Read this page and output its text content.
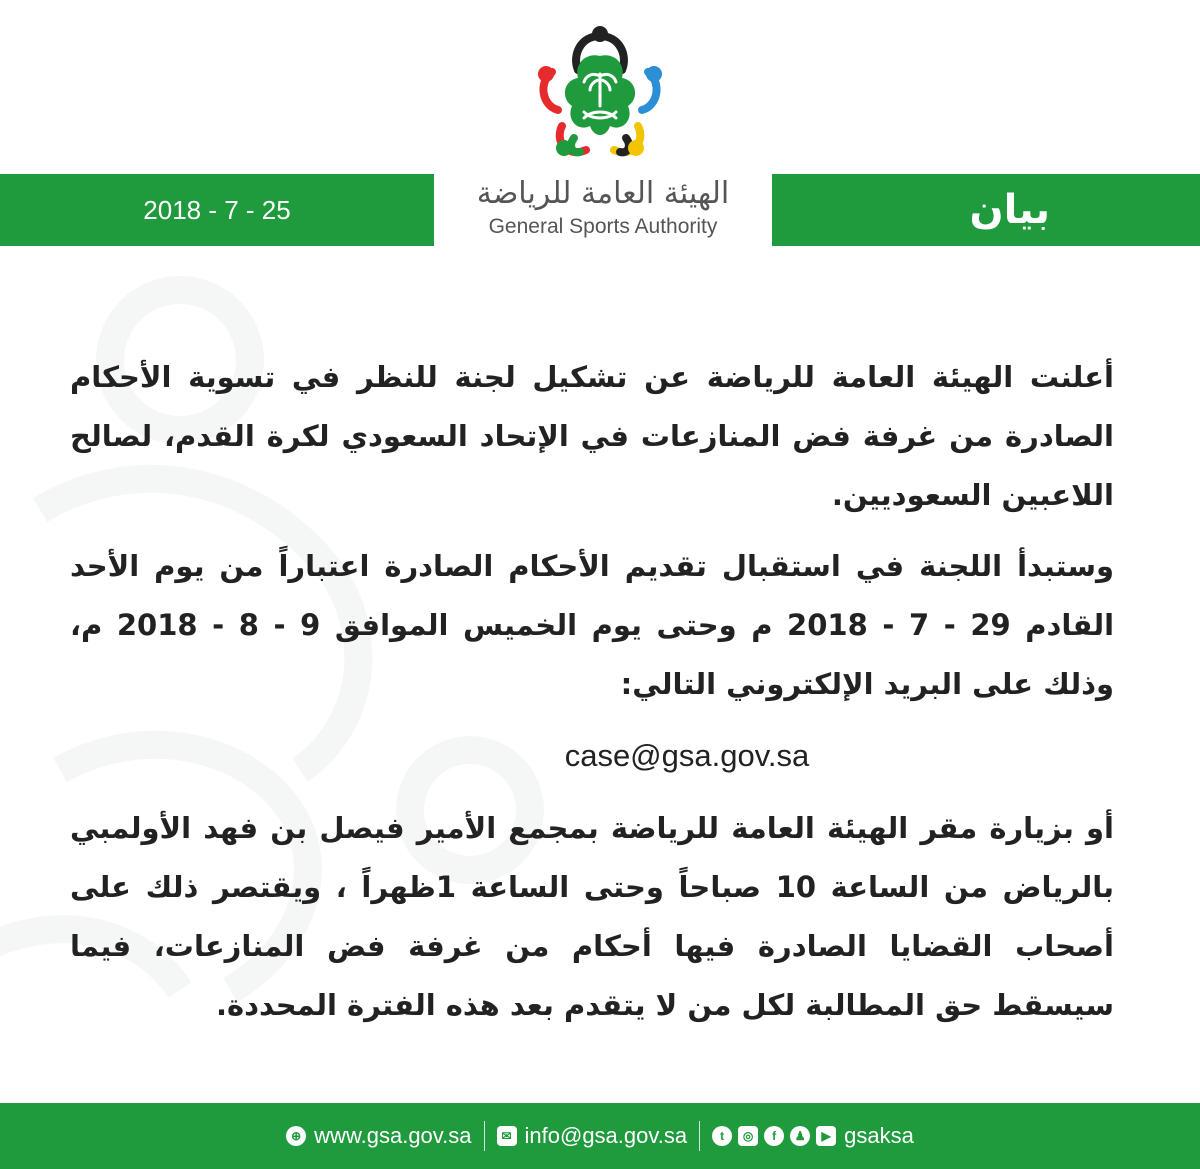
2018 - 7 - 25	الهيئة العامة للرياضة
General Sports Authority	بيان

أعلنت الهيئة العامة للرياضة عن تشكيل لجنة للنظر في تسوية الأحكام الصادرة من غرفة فض المنازعات في الإتحاد السعودي لكرة القدم، لصالح اللاعبين السعوديين.

وستبدأ اللجنة في استقبال تقديم الأحكام الصادرة اعتباراً من يوم الأحد القادم 29 - 7 - 2018 م وحتى يوم الخميس الموافق 9 - 8 - 2018 م، وذلك على البريد الإلكتروني التالي:

case@gsa.gov.sa

أو بزيارة مقر الهيئة العامة للرياضة بمجمع الأمير فيصل بن فهد الأولمبي بالرياض من الساعة 10 صباحاً وحتى الساعة 1ظهراً ، ويقتصر ذلك على أصحاب القضايا الصادرة فيها أحكام من غرفة فض المنازعات، فيما سيسقط حق المطالبة لكل من لا يتقدم بعد هذه الفترة المحددة.

⊕ www.gsa.gov.sa	✉ info@gsa.gov.sa	t	◎	f	♟	▶ gsaksa
